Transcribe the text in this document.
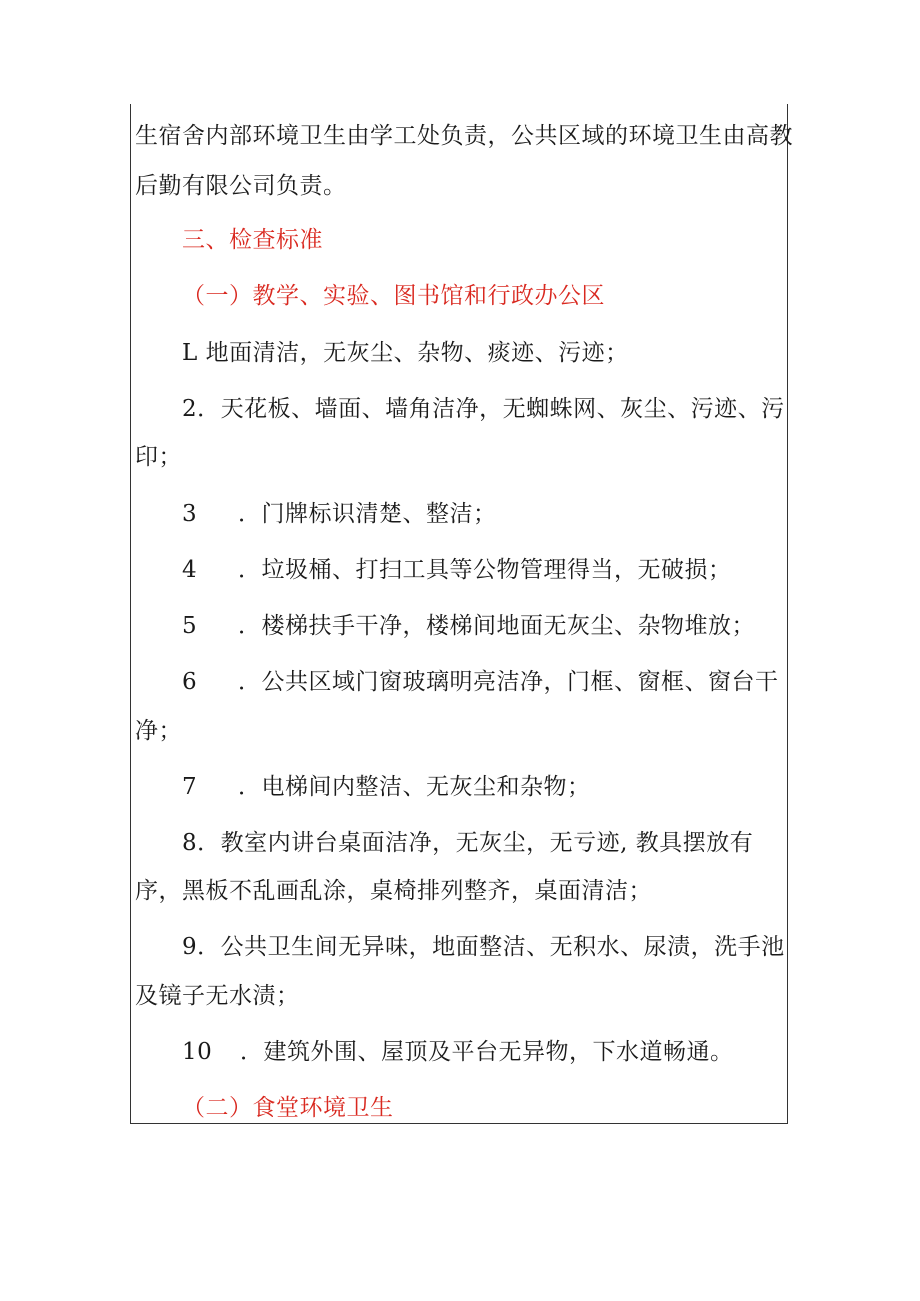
生宿舍内部环境卫生由学工处负责，公共区域的环境卫生由高教
后勤有限公司负责。
三、检查标准
（一）教学、实验、图书馆和行政办公区
L 地面清洁，无灰尘、杂物、痰迹、污迹；
2．天花板、墙面、墙角洁净，无蜘蛛网、灰尘、污迹、污
印；
3 ．门牌标识清楚、整洁；
4 ．垃圾桶、打扫工具等公物管理得当，无破损；
5 ．楼梯扶手干净，楼梯间地面无灰尘、杂物堆放；
6 ．公共区域门窗玻璃明亮洁净，门框、窗框、窗台干
净；
7 ．电梯间内整洁、无灰尘和杂物；
8．教室内讲台桌面洁净，无灰尘，无亏迹, 教具摆放有
序，黑板不乱画乱涂，桌椅排列整齐，桌面清洁；
9．公共卫生间无异味，地面整洁、无积水、尿渍，洗手池
及镜子无水渍；
10 ．建筑外围、屋顶及平台无异物，下水道畅通。
（二）食堂环境卫生
